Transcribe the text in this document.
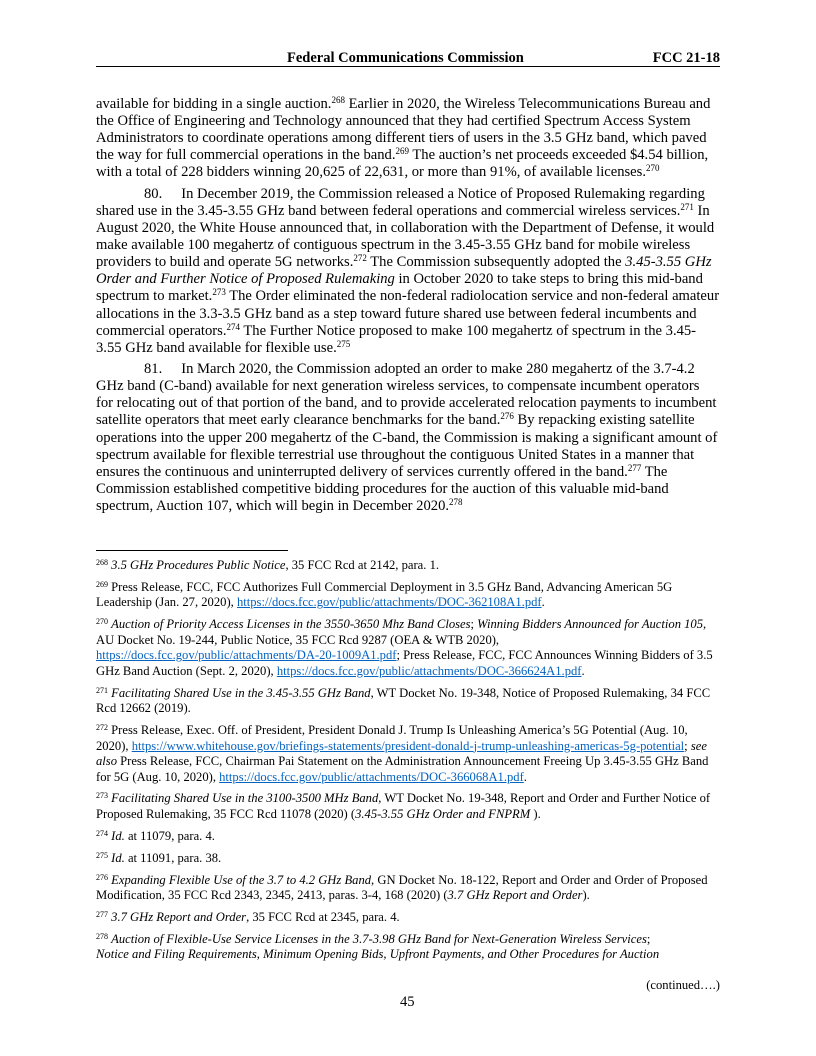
Federal Communications Commission	FCC 21-18

available for bidding in a single auction.$^{268}$ Earlier in 2020, the Wireless Telecommunications Bureau and the Office of Engineering and Technology announced that they had certified Spectrum Access System Administrators to coordinate operations among different tiers of users in the 3.5 GHz band, which paved the way for full commercial operations in the band.$^{269}$ The auction’s net proceeds exceeded $4.54 billion, with a total of 228 bidders winning 20,625 of 22,631, or more than 91%, of available licenses.$^{270}$

80. In December 2019, the Commission released a Notice of Proposed Rulemaking regarding shared use in the 3.45-3.55 GHz band between federal operations and commercial wireless services.$^{271}$ In August 2020, the White House announced that, in collaboration with the Department of Defense, it would make available 100 megahertz of contiguous spectrum in the 3.45-3.55 GHz band for mobile wireless providers to build and operate 5G networks.$^{272}$ The Commission subsequently adopted the 3.45-3.55 GHz Order and Further Notice of Proposed Rulemaking in October 2020 to take steps to bring this mid-band spectrum to market.$^{273}$ The Order eliminated the non-federal radiolocation service and non-federal amateur allocations in the 3.3-3.5 GHz band as a step toward future shared use between federal incumbents and commercial operators.$^{274}$ The Further Notice proposed to make 100 megahertz of spectrum in the 3.45-3.55 GHz band available for flexible use.$^{275}$

81. In March 2020, the Commission adopted an order to make 280 megahertz of the 3.7-4.2 GHz band (C-band) available for next generation wireless services, to compensate incumbent operators for relocating out of that portion of the band, and to provide accelerated relocation payments to incumbent satellite operators that meet early clearance benchmarks for the band.$^{276}$ By repacking existing satellite operations into the upper 200 megahertz of the C-band, the Commission is making a significant amount of spectrum available for flexible terrestrial use throughout the contiguous United States in a manner that ensures the continuous and uninterrupted delivery of services currently offered in the band.$^{277}$ The Commission established competitive bidding procedures for the auction of this valuable mid-band spectrum, Auction 107, which will begin in December 2020.$^{278}$

$^{268}$ 3.5 GHz Procedures Public Notice, 35 FCC Rcd at 2142, para. 1.

$^{269}$ Press Release, FCC, FCC Authorizes Full Commercial Deployment in 3.5 GHz Band, Advancing American 5G Leadership (Jan. 27, 2020), https://docs.fcc.gov/public/attachments/DOC-362108A1.pdf.

$^{270}$ Auction of Priority Access Licenses in the 3550-3650 Mhz Band Closes; Winning Bidders Announced for Auction 105, AU Docket No. 19-244, Public Notice, 35 FCC Rcd 9287 (OEA & WTB 2020), https://docs.fcc.gov/public/attachments/DA-20-1009A1.pdf; Press Release, FCC, FCC Announces Winning Bidders of 3.5 GHz Band Auction (Sept. 2, 2020), https://docs.fcc.gov/public/attachments/DOC-366624A1.pdf.

$^{271}$ Facilitating Shared Use in the 3.45-3.55 GHz Band, WT Docket No. 19-348, Notice of Proposed Rulemaking, 34 FCC Rcd 12662 (2019).

$^{272}$ Press Release, Exec. Off. of President, President Donald J. Trump Is Unleashing America’s 5G Potential (Aug. 10, 2020), https://www.whitehouse.gov/briefings-statements/president-donald-j-trump-unleashing-americas-5g-potential; see also Press Release, FCC, Chairman Pai Statement on the Administration Announcement Freeing Up 3.45-3.55 GHz Band for 5G (Aug. 10, 2020), https://docs.fcc.gov/public/attachments/DOC-366068A1.pdf.

$^{273}$ Facilitating Shared Use in the 3100-3500 MHz Band, WT Docket No. 19-348, Report and Order and Further Notice of Proposed Rulemaking, 35 FCC Rcd 11078 (2020) (3.45-3.55 GHz Order and FNPRM ).

$^{274}$ Id. at 11079, para. 4.

$^{275}$ Id. at 11091, para. 38.

$^{276}$ Expanding Flexible Use of the 3.7 to 4.2 GHz Band, GN Docket No. 18-122, Report and Order and Order of Proposed Modification, 35 FCC Rcd 2343, 2345, 2413, paras. 3-4, 168 (2020) (3.7 GHz Report and Order).

$^{277}$ 3.7 GHz Report and Order, 35 FCC Rcd at 2345, para. 4.

$^{278}$ Auction of Flexible-Use Service Licenses in the 3.7-3.98 GHz Band for Next-Generation Wireless Services;
Notice and Filing Requirements, Minimum Opening Bids, Upfront Payments, and Other Procedures for Auction

(continued….)
45
